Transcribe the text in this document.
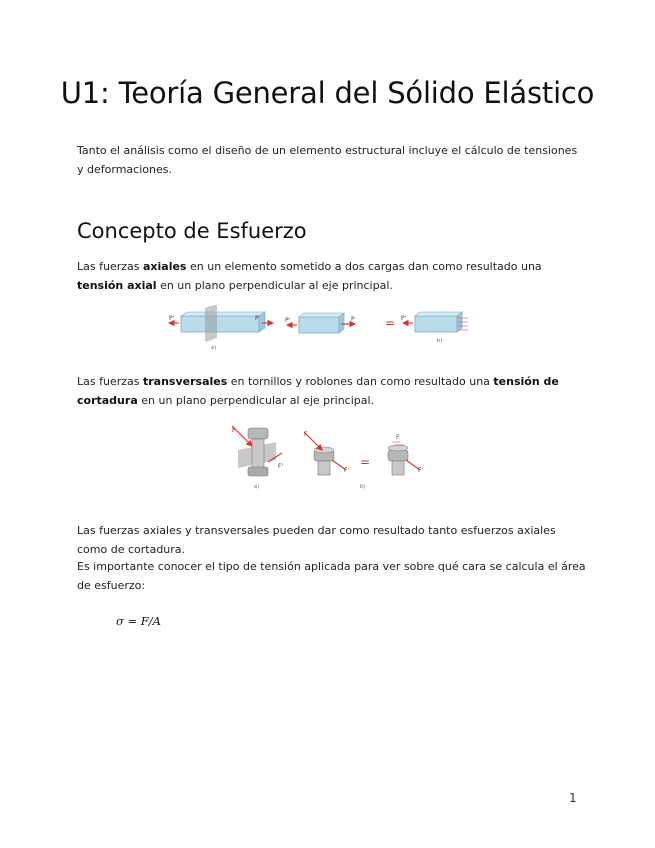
U1: Teoría General del Sólido Elástico

Tanto el análisis como el diseño de un elemento estructural incluye el cálculo de tensiones y deformaciones.

Concepto de Esfuerzo

Las fuerzas axiales en un elemento sometido a dos cargas dan como resultado una tensión axial en un plano perpendicular al eje principal.

P'	P
a)
P'	P	= P'
b)

Las fuerzas transversales en tornillos y roblones dan como resultado una tensión de cortadura en un plano perpendicular al eje principal.

F
F'
a)
F
F'
=
F
F'
b)

Las fuerzas axiales y transversales pueden dar como resultado tanto esfuerzos axiales como de cortadura.

Es importante conocer el tipo de tensión aplicada para ver sobre qué cara se calcula el área de esfuerzo:

σ = F/A
1
